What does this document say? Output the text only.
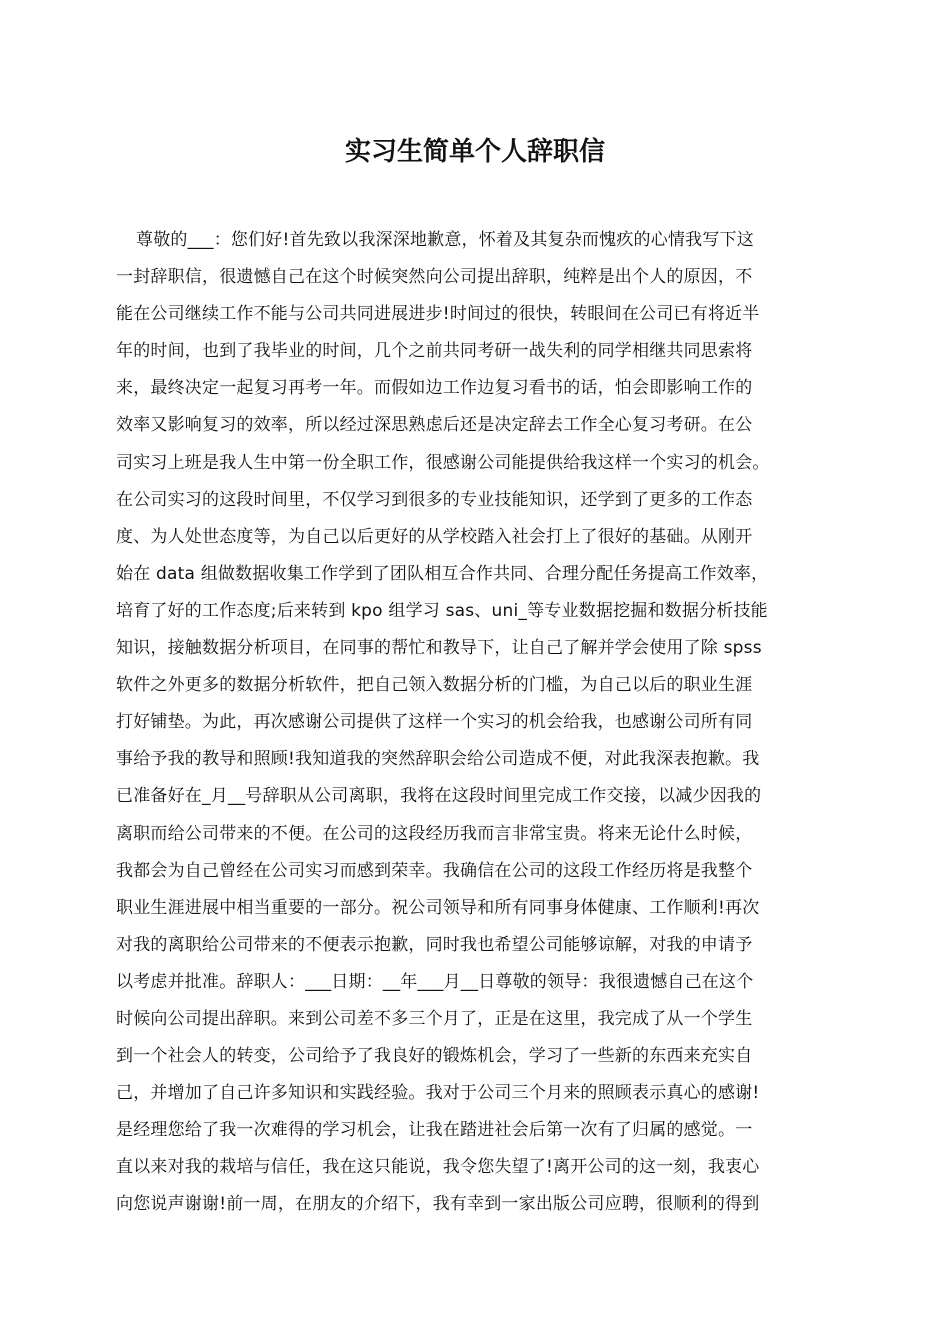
实习生简单个人辞职信
尊敬的___：您们好!首先致以我深深地歉意，怀着及其复杂而愧疚的心情我写下这
一封辞职信，很遗憾自己在这个时候突然向公司提出辞职，纯粹是出个人的原因，不
能在公司继续工作不能与公司共同进展进步!时间过的很快，转眼间在公司已有将近半
年的时间，也到了我毕业的时间，几个之前共同考研一战失利的同学相继共同思索将
来，最终决定一起复习再考一年。而假如边工作边复习看书的话，怕会即影响工作的
效率又影响复习的效率，所以经过深思熟虑后还是决定辞去工作全心复习考研。在公
司实习上班是我人生中第一份全职工作，很感谢公司能提供给我这样一个实习的机会。
在公司实习的这段时间里，不仅学习到很多的专业技能知识，还学到了更多的工作态
度、为人处世态度等，为自己以后更好的从学校踏入社会打上了很好的基础。从刚开
始在 data 组做数据收集工作学到了团队相互合作共同、合理分配任务提高工作效率，
培育了好的工作态度;后来转到 kpo 组学习 sas、uni_等专业数据挖掘和数据分析技能
知识，接触数据分析项目，在同事的帮忙和教导下，让自己了解并学会使用了除 spss
软件之外更多的数据分析软件，把自己领入数据分析的门槛，为自己以后的职业生涯
打好铺垫。为此，再次感谢公司提供了这样一个实习的机会给我，也感谢公司所有同
事给予我的教导和照顾!我知道我的突然辞职会给公司造成不便，对此我深表抱歉。我
已准备好在_月__号辞职从公司离职，我将在这段时间里完成工作交接，以减少因我的
离职而给公司带来的不便。在公司的这段经历我而言非常宝贵。将来无论什么时候，
我都会为自己曾经在公司实习而感到荣幸。我确信在公司的这段工作经历将是我整个
职业生涯进展中相当重要的一部分。祝公司领导和所有同事身体健康、工作顺利!再次
对我的离职给公司带来的不便表示抱歉，同时我也希望公司能够谅解，对我的申请予
以考虑并批准。辞职人：___日期：__年___月__日尊敬的领导：我很遗憾自己在这个
时候向公司提出辞职。来到公司差不多三个月了，正是在这里，我完成了从一个学生
到一个社会人的转变，公司给予了我良好的锻炼机会，学习了一些新的东西来充实自
己，并增加了自己许多知识和实践经验。我对于公司三个月来的照顾表示真心的感谢!
是经理您给了我一次难得的学习机会，让我在踏进社会后第一次有了归属的感觉。一
直以来对我的栽培与信任，我在这只能说，我令您失望了!离开公司的这一刻，我衷心
向您说声谢谢!前一周，在朋友的介绍下，我有幸到一家出版公司应聘，很顺利的得到
